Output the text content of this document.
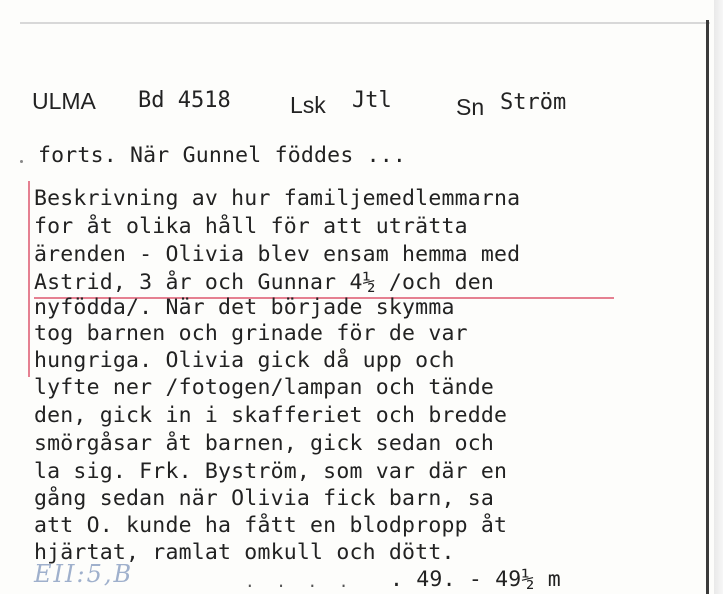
ULMA Bd 4518	Lsk Jtl	Sn Ström
forts. När Gunnel föddes ...
Beskrivning av hur familjemedlemmarna
for åt olika håll för att uträtta
ärenden - Olivia blev ensam hemma med
Astrid, 3 år och Gunnar 4½ /och den
nyfödda/. När det började skymma
tog barnen och grinade för de var
hungriga. Olivia gick då upp och
lyfte ner /fotogen/lampan och tände
den, gick in i skafferiet och bredde
smörgåsar åt barnen, gick sedan och
la sig. Frk. Byström, som var där en
gång sedan när Olivia fick barn, sa
att O. kunde ha fått en blodpropp åt
hjärtat, ramlat omkull och dött.
EII:5,B	. . . . . 49. - 49½ m
